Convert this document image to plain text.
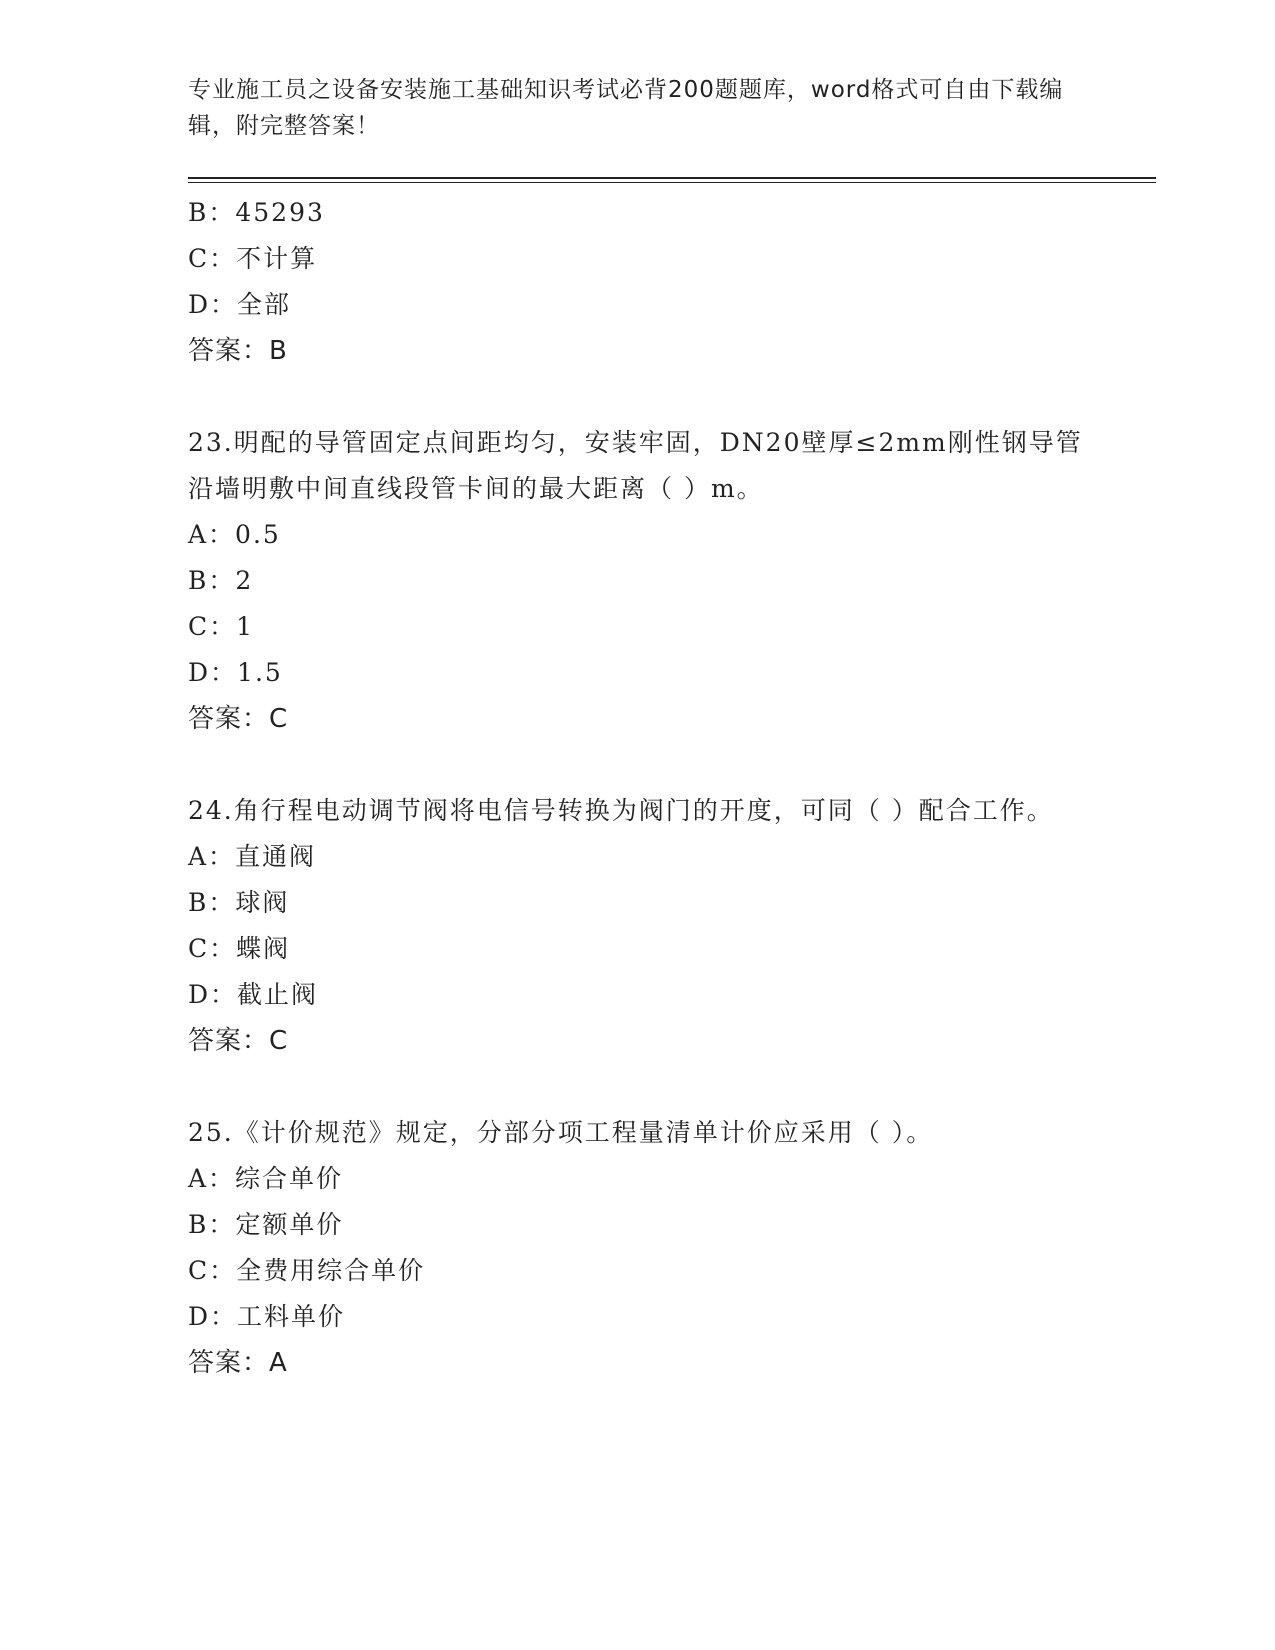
专业施工员之设备安装施工基础知识考试必背200题题库，word格式可自由下载编辑，附完整答案！
B：45293
C：不计算
D：全部
答案：B
23.明配的导管固定点间距均匀，安装牢固，DN20壁厚≤2mm刚性钢导管沿墙明敷中间直线段管卡间的最大距离（ ）m。
A：0.5
B：2
C：1
D：1.5
答案：C
24.角行程电动调节阀将电信号转换为阀门的开度，可同（ ）配合工作。
A：直通阀
B：球阀
C：蝶阀
D：截止阀
答案：C
25.《计价规范》规定，分部分项工程量清单计价应采用（ ）。
A：综合单价
B：定额单价
C：全费用综合单价
D：工料单价
答案：A
